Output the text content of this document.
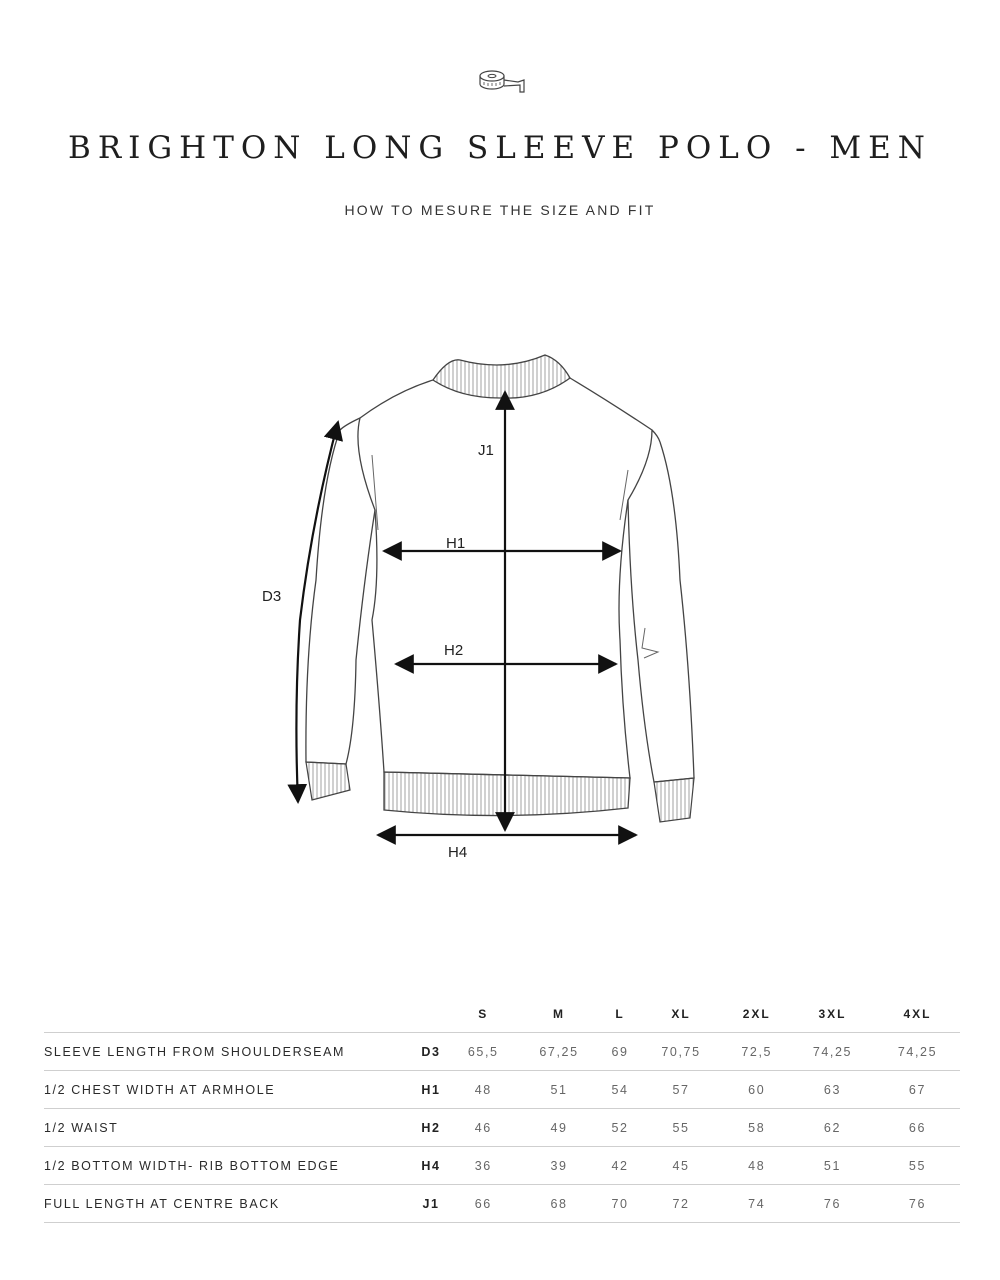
BRIGHTON LONG SLEEVE POLO - MEN
HOW TO MESURE THE SIZE AND FIT
J1
H1
H2
H4
D3
		S	M	L	XL	2XL	3XL	4XL
SLEEVE LENGTH FROM SHOULDERSEAM	D3	65,5	67,25	69	70,75	72,5	74,25	74,25
1/2 CHEST WIDTH AT ARMHOLE	H1	48	51	54	57	60	63	67
1/2 WAIST	H2	46	49	52	55	58	62	66
1/2 BOTTOM WIDTH- RIB BOTTOM EDGE	H4	36	39	42	45	48	51	55
FULL LENGTH AT CENTRE BACK	J1	66	68	70	72	74	76	76
